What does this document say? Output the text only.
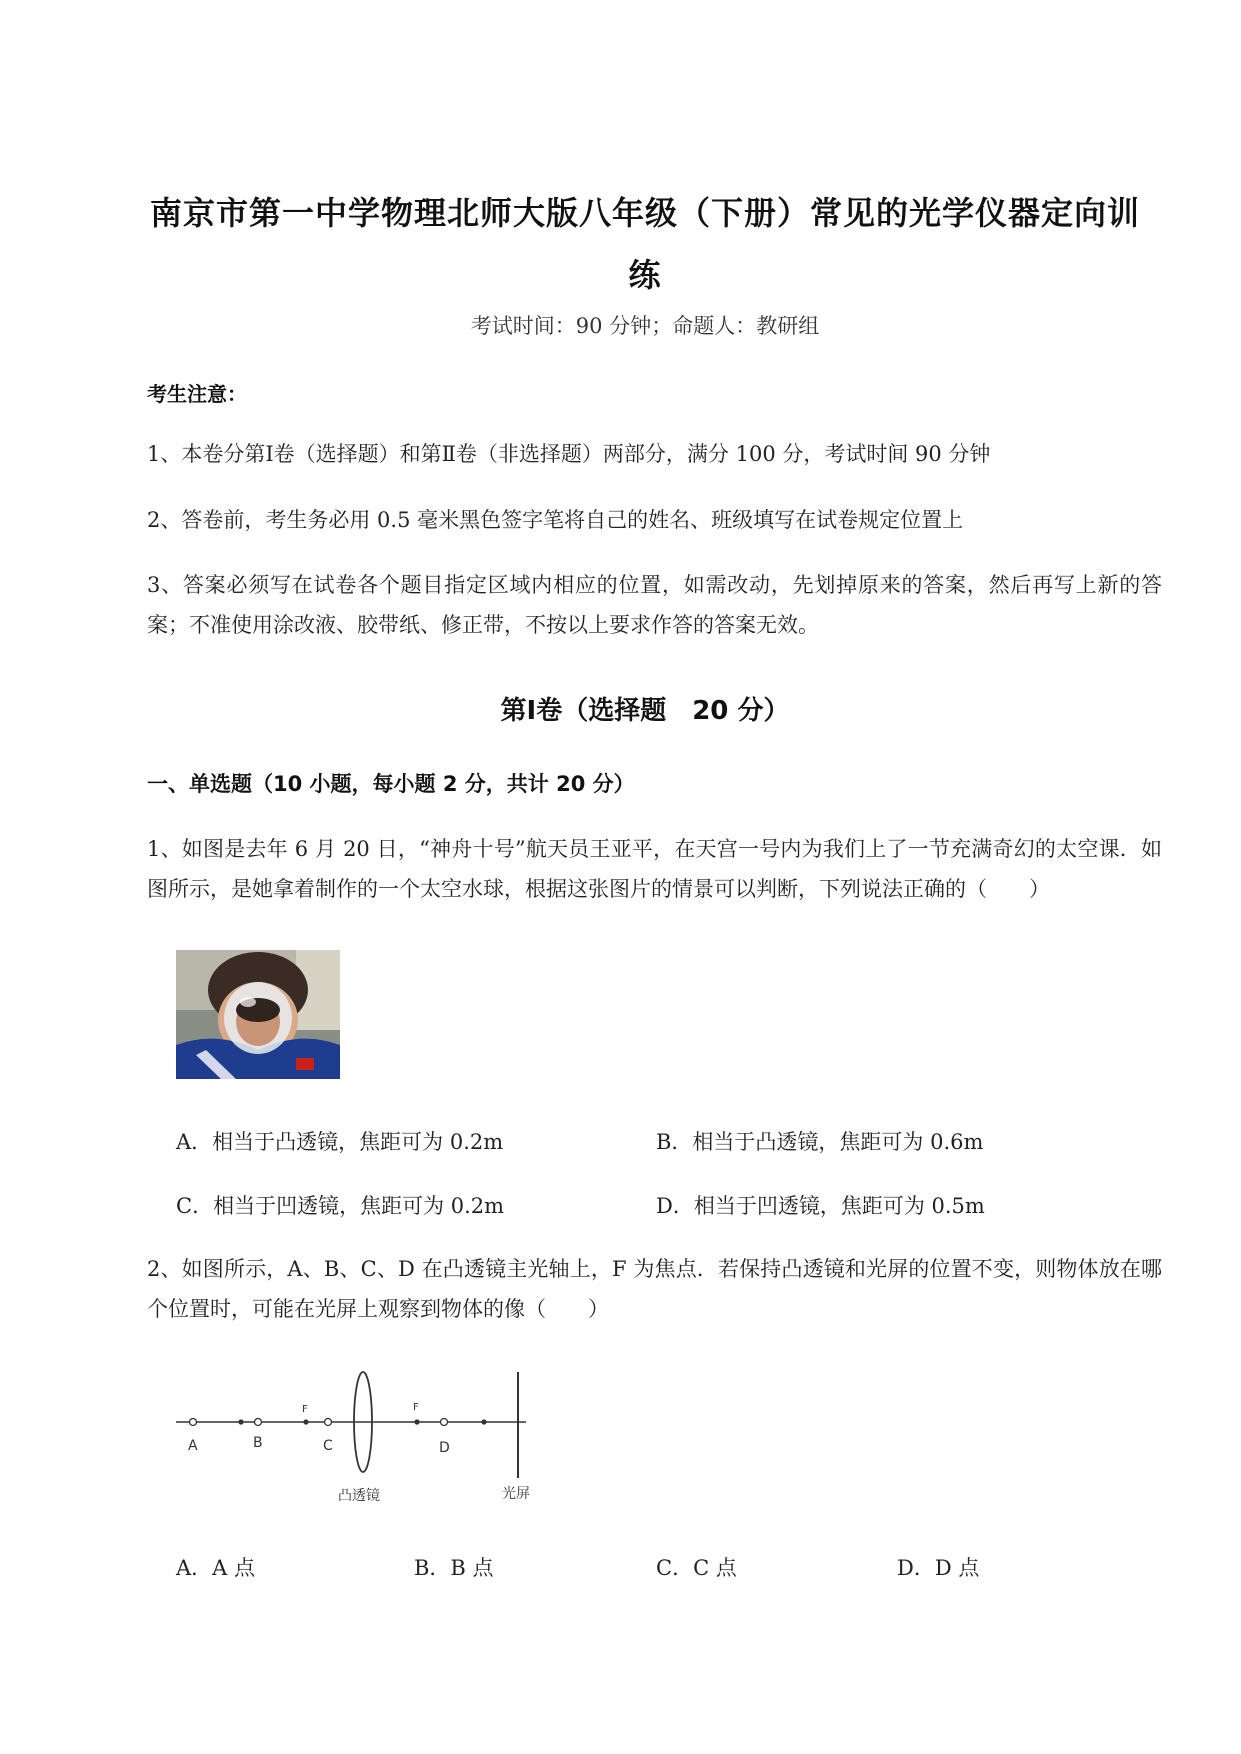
南京市第一中学物理北师大版八年级（下册）常见的光学仪器定向训
练
考试时间：90 分钟；命题人：教研组
考生注意：
1、本卷分第Ⅰ卷（选择题）和第Ⅱ卷（非选择题）两部分，满分 100 分，考试时间 90 分钟
2、答卷前，考生务必用 0.5 毫米黑色签字笔将自己的姓名、班级填写在试卷规定位置上
3、答案必须写在试卷各个题目指定区域内相应的位置，如需改动，先划掉原来的答案，然后再写上新的答案；不准使用涂改液、胶带纸、修正带，不按以上要求作答的答案无效。
第Ⅰ卷（选择题　20 分）
一、单选题（10 小题，每小题 2 分，共计 20 分）
1、如图是去年 6 月 20 日，“神舟十号”航天员王亚平，在天宫一号内为我们上了一节充满奇幻的太空课．如图所示，是她拿着制作的一个太空水球，根据这张图片的情景可以判断，下列说法正确的（　　）
A．相当于凸透镜，焦距可为 0.2m	B．相当于凸透镜，焦距可为 0.6m
C．相当于凹透镜，焦距可为 0.2m	D．相当于凹透镜，焦距可为 0.5m
2、如图所示，A、B、C、D 在凸透镜主光轴上，F 为焦点．若保持凸透镜和光屏的位置不变，则物体放在哪个位置时，可能在光屏上观察到物体的像（　　）
A	B	C	D
F	F
凸透镜	光屏
A．A 点	B．B 点	C．C 点	D．D 点
